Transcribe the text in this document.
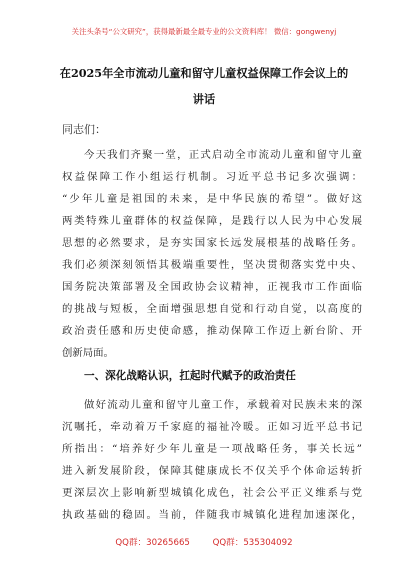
关注头条号“公文研究”，获得最新最全最专业的公文资料库！ 微信：gongwenyj
在2025年全市流动儿童和留守儿童权益保障工作会议上的
讲话
同志们：
今天我们齐聚一堂，正式启动全市流动儿童和留守儿童
权益保障工作小组运行机制。习近平总书记多次强调：
“少年儿童是祖国的未来，是中华民族的希望”。做好这
两类特殊儿童群体的权益保障，是践行以人民为中心发展
思想的必然要求，是夯实国家长远发展根基的战略任务。
我们必须深刻领悟其极端重要性，坚决贯彻落实党中央、
国务院决策部署及全国政协会议精神，正视我市工作面临
的挑战与短板，全面增强思想自觉和行动自觉，以高度的
政治责任感和历史使命感，推动保障工作迈上新台阶、开
创新局面。
一、深化战略认识，扛起时代赋予的政治责任
做好流动儿童和留守儿童工作，承载着对民族未来的深
沉嘱托，牵动着万千家庭的福祉冷暖。正如习近平总书记
所指出：“培养好少年儿童是一项战略任务，事关长远”
进入新发展阶段，保障其健康成长不仅关乎个体命运转折
更深层次上影响新型城镇化成色，社会公平正义维系与党
执政基础的稳固。当前，伴随我市城镇化进程加速深化，
QQ群：30265665	QQ群：535304092
